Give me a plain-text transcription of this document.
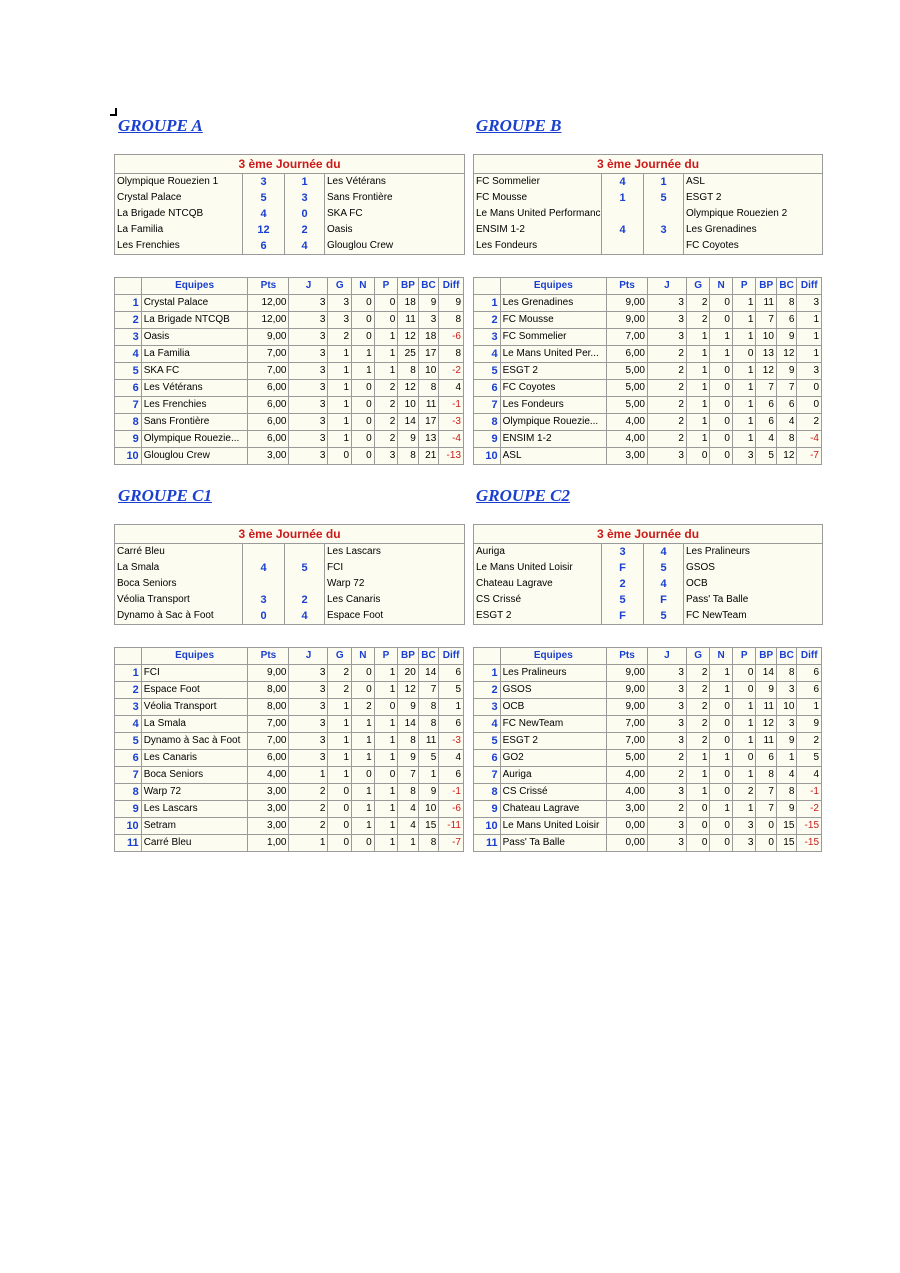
GROUPE A
3 ème Journée du			
Olympique Rouezien 1	3	1	Les Vétérans
Crystal Palace	5	3	Sans Frontière
La Brigade NTCQB	4	0	SKA FC
La Familia	12	2	Oasis
Les Frenchies	6	4	Glouglou Crew
	Equipes	Pts	J	G	N	P	BP	BC	Diff
1	Crystal Palace	12,00	3	3	0	0	18	9	9
2	La Brigade NTCQB	12,00	3	3	0	0	11	3	8
3	Oasis	9,00	3	2	0	1	12	18	-6
4	La Familia	7,00	3	1	1	1	25	17	8
5	SKA FC	7,00	3	1	1	1	8	10	-2
6	Les Vétérans	6,00	3	1	0	2	12	8	4
7	Les Frenchies	6,00	3	1	0	2	10	11	-1
8	Sans Frontière	6,00	3	1	0	2	14	17	-3
9	Olympique Rouezie...	6,00	3	1	0	2	9	13	-4
10	Glouglou Crew	3,00	3	0	0	3	8	21	-13
GROUPE B
3 ème Journée du			
FC Sommelier	4	1	ASL
FC Mousse	1	5	ESGT 2
Le Mans United Performanc			Olympique Rouezien 2
ENSIM 1-2	4	3	Les Grenadines
Les Fondeurs			FC Coyotes
	Equipes	Pts	J	G	N	P	BP	BC	Diff
1	Les Grenadines	9,00	3	2	0	1	11	8	3
2	FC Mousse	9,00	3	2	0	1	7	6	1
3	FC Sommelier	7,00	3	1	1	1	10	9	1
4	Le Mans United Per...	6,00	2	1	1	0	13	12	1
5	ESGT 2	5,00	2	1	0	1	12	9	3
6	FC Coyotes	5,00	2	1	0	1	7	7	0
7	Les Fondeurs	5,00	2	1	0	1	6	6	0
8	Olympique Rouezie...	4,00	2	1	0	1	6	4	2
9	ENSIM 1-2	4,00	2	1	0	1	4	8	-4
10	ASL	3,00	3	0	0	3	5	12	-7
GROUPE C1
3 ème Journée du			
Carré Bleu			Les Lascars
La Smala	4	5	FCI
Boca Seniors			Warp 72
Véolia Transport	3	2	Les Canaris
Dynamo à Sac à Foot	0	4	Espace Foot
	Equipes	Pts	J	G	N	P	BP	BC	Diff
1	FCI	9,00	3	2	0	1	20	14	6
2	Espace Foot	8,00	3	2	0	1	12	7	5
3	Véolia Transport	8,00	3	1	2	0	9	8	1
4	La Smala	7,00	3	1	1	1	14	8	6
5	Dynamo à Sac à Foot	7,00	3	1	1	1	8	11	-3
6	Les Canaris	6,00	3	1	1	1	9	5	4
7	Boca Seniors	4,00	1	1	0	0	7	1	6
8	Warp 72	3,00	2	0	1	1	8	9	-1
9	Les Lascars	3,00	2	0	1	1	4	10	-6
10	Setram	3,00	2	0	1	1	4	15	-11
11	Carré Bleu	1,00	1	0	0	1	1	8	-7
GROUPE C2
3 ème Journée du			
Auriga	3	4	Les Pralineurs
Le Mans United Loisir	F	5	GSOS
Chateau Lagrave	2	4	OCB
CS Crissé	5	F	Pass' Ta Balle
ESGT 2	F	5	FC NewTeam
	Equipes	Pts	J	G	N	P	BP	BC	Diff
1	Les Pralineurs	9,00	3	2	1	0	14	8	6
2	GSOS	9,00	3	2	1	0	9	3	6
3	OCB	9,00	3	2	0	1	11	10	1
4	FC NewTeam	7,00	3	2	0	1	12	3	9
5	ESGT 2	7,00	3	2	0	1	11	9	2
6	GO2	5,00	2	1	1	0	6	1	5
7	Auriga	4,00	2	1	0	1	8	4	4
8	CS Crissé	4,00	3	1	0	2	7	8	-1
9	Chateau Lagrave	3,00	2	0	1	1	7	9	-2
10	Le Mans United Loisir	0,00	3	0	0	3	0	15	-15
11	Pass' Ta Balle	0,00	3	0	0	3	0	15	-15
